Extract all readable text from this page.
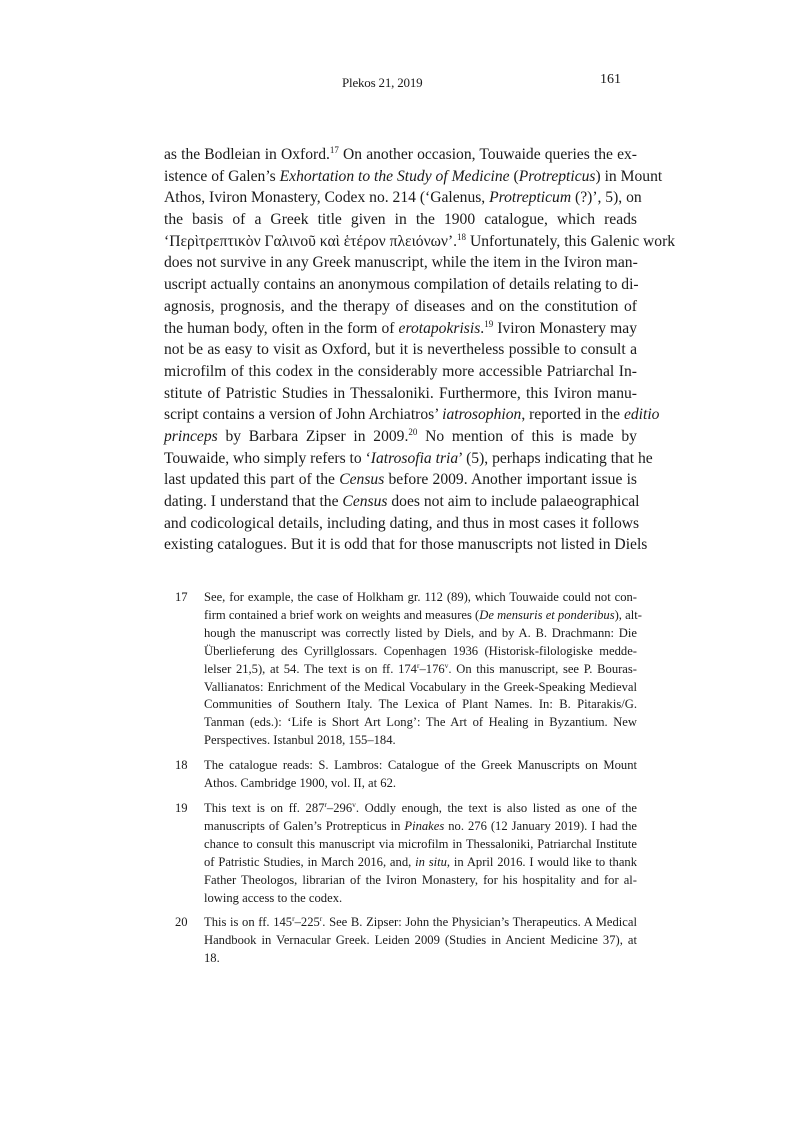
Plekos 21, 2019	161
as the Bodleian in Oxford.$^{17}$ On another occasion, Touwaide queries the ex-
istence of Galen’s Exhortation to the Study of Medicine (Protrepticus) in Mount
Athos, Iviron Monastery, Codex no. 214 (‘Galenus, Protrepticum (?)’, 5), on
the basis of a Greek title given in the 1900 catalogue, which reads
‘Περὶτρεπτικὸν Γαλινοῦ καὶ ἑτέρον πλειόνων’.$^{18}$ Unfortunately, this Galenic work
does not survive in any Greek manuscript, while the item in the Iviron man-
uscript actually contains an anonymous compilation of details relating to di-
agnosis, prognosis, and the therapy of diseases and on the constitution of
the human body, often in the form of erotapokrisis.$^{19}$ Iviron Monastery may
not be as easy to visit as Oxford, but it is nevertheless possible to consult a
microfilm of this codex in the considerably more accessible Patriarchal In-
stitute of Patristic Studies in Thessaloniki. Furthermore, this Iviron manu-
script contains a version of John Archiatros’ iatrosophion, reported in the editio
princeps by Barbara Zipser in 2009.20 No mention of this is made by
Touwaide, who simply refers to ‘Iatrosofia tria’ (5), perhaps indicating that he
last updated this part of the Census before 2009. Another important issue is
dating. I understand that the Census does not aim to include palaeographical
and codicological details, including dating, and thus in most cases it follows
existing catalogues. But it is odd that for those manuscripts not listed in Diels
17 See, for example, the case of Holkham gr. 112 (89), which Touwaide could not con-
firm contained a brief work on weights and measures (De mensuris et ponderibus), alt-
hough the manuscript was correctly listed by Diels, and by A. B. Drachmann: Die
Überlieferung des Cyrillglossars. Copenhagen 1936 (Historisk-filologiske medde-
lelser 21,5), at 54. The text is on ff. 174$^r$–176$^v$. On this manuscript, see P. Bouras-
Vallianatos: Enrichment of the Medical Vocabulary in the Greek-Speaking Medieval
Communities of Southern Italy. The Lexica of Plant Names. In: B. Pitarakis/G.
Tanman (eds.): ‘Life is Short Art Long’: The Art of Healing in Byzantium. New
Perspectives. Istanbul 2018, 155–184.
18 The catalogue reads: S. Lambros: Catalogue of the Greek Manuscripts on Mount
Athos. Cambridge 1900, vol. II, at 62.
19 This text is on ff. 287$^r$–296$^v$. Oddly enough, the text is also listed as one of the
manuscripts of Galen’s Protrepticus in Pinakes no. 276 (12 January 2019). I had the
chance to consult this manuscript via microfilm in Thessaloniki, Patriarchal Institute
of Patristic Studies, in March 2016, and, in situ, in April 2016. I would like to thank
Father Theologos, librarian of the Iviron Monastery, for his hospitality and for al-
lowing access to the codex.
20 This is on ff. 145$^r$–225$^r$. See B. Zipser: John the Physician’s Therapeutics. A Medical
Handbook in Vernacular Greek. Leiden 2009 (Studies in Ancient Medicine 37), at
18.
